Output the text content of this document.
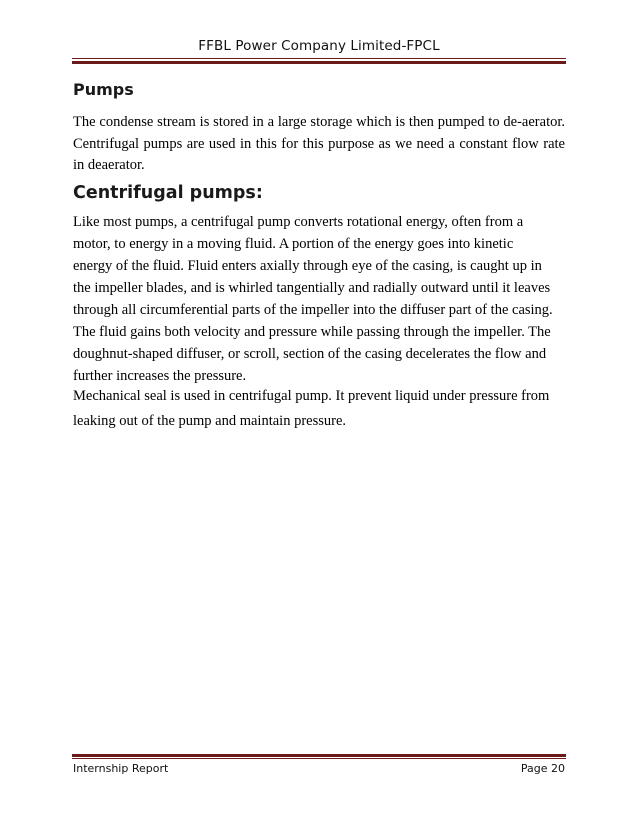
FFBL Power Company Limited-FPCL
Pumps
The condense stream is stored in a large storage which is then pumped to de-aerator. Centrifugal pumps are used in this for this purpose as we need a constant flow rate in deaerator.
Centrifugal pumps:
Like most pumps, a centrifugal pump converts rotational energy, often from a
motor, to energy in a moving fluid. A portion of the energy goes into kinetic
energy of the fluid. Fluid enters axially through eye of the casing, is caught up in
the impeller blades, and is whirled tangentially and radially outward until it leaves
through all circumferential parts of the impeller into the diffuser part of the casing.
The fluid gains both velocity and pressure while passing through the impeller. The
doughnut-shaped diffuser, or scroll, section of the casing decelerates the flow and
further increases the pressure.
Mechanical seal is used in centrifugal pump. It prevent liquid under pressure from
leaking out of the pump and maintain pressure.
Internship Report	Page 20
